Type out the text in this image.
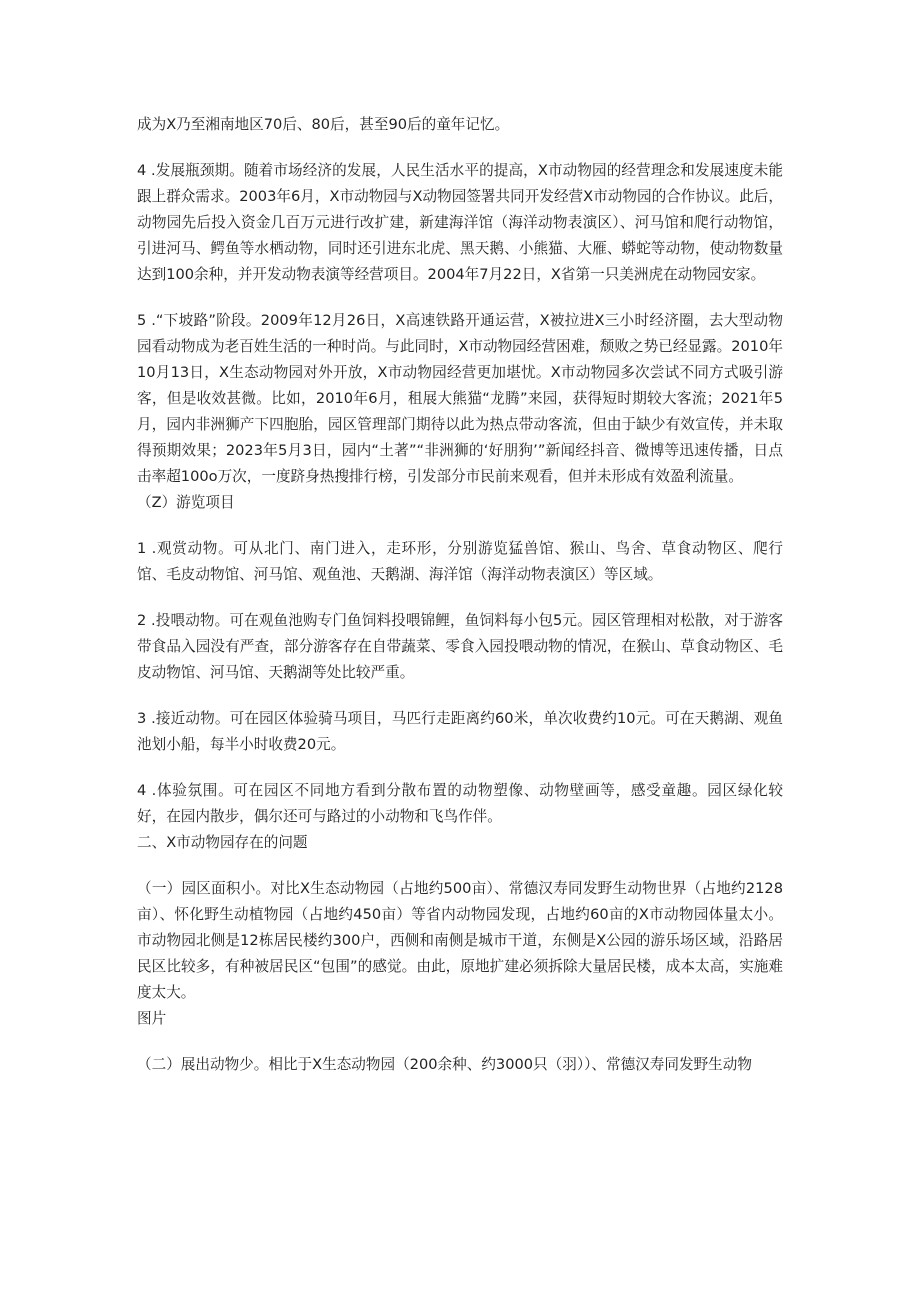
成为X乃至湘南地区70后、80后，甚至90后的童年记忆。

4 .发展瓶颈期。随着市场经济的发展，人民生活水平的提高，X市动物园的经营理念和发展速度未能跟上群众需求。2003年6月，X市动物园与X动物园签署共同开发经营X市动物园的合作协议。此后，动物园先后投入资金几百万元进行改扩建，新建海洋馆（海洋动物表演区）、河马馆和爬行动物馆，引进河马、鳄鱼等水栖动物，同时还引进东北虎、黑天鹅、小熊猫、大雁、蟒蛇等动物，使动物数量达到100余种，并开发动物表演等经营项目。2004年7月22日，X省第一只美洲虎在动物园安家。

5 .“下坡路”阶段。2009年12月26日，X高速铁路开通运营，X被拉进X三小时经济圈，去大型动物园看动物成为老百姓生活的一种时尚。与此同时，X市动物园经营困难，颓败之势已经显露。2010年10月13日，X生态动物园对外开放，X市动物园经营更加堪忧。X市动物园多次尝试不同方式吸引游客，但是收效甚微。比如，2010年6月，租展大熊猫“龙腾”来园，获得短时期较大客流；2021年5月，园内非洲狮产下四胞胎，园区管理部门期待以此为热点带动客流，但由于缺少有效宣传，并未取得预期效果；2023年5月3日，园内“土著”“非洲狮的‘好朋狗’”新闻经抖音、微博等迅速传播，日点击率超100o万次，一度跻身热搜排行榜，引发部分市民前来观看，但并未形成有效盈利流量。

（Z）游览项目

1 .观赏动物。可从北门、南门进入，走环形，分别游览猛兽馆、猴山、鸟舍、草食动物区、爬行馆、毛皮动物馆、河马馆、观鱼池、天鹅湖、海洋馆（海洋动物表演区）等区域。

2 .投喂动物。可在观鱼池购专门鱼饲料投喂锦鲤，鱼饲料每小包5元。园区管理相对松散，对于游客带食品入园没有严查，部分游客存在自带蔬菜、零食入园投喂动物的情况，在猴山、草食动物区、毛皮动物馆、河马馆、天鹅湖等处比较严重。

3 .接近动物。可在园区体验骑马项目，马匹行走距离约60米，单次收费约10元。可在天鹅湖、观鱼池划小船，每半小时收费20元。

4 .体验氛围。可在园区不同地方看到分散布置的动物塑像、动物壁画等，感受童趣。园区绿化较好，在园内散步，偶尔还可与路过的小动物和飞鸟作伴。

二、X市动物园存在的问题

（一）园区面积小。对比X生态动物园（占地约500亩）、常德汉寿同发野生动物世界（占地约2128亩）、怀化野生动植物园（占地约450亩）等省内动物园发现，占地约60亩的X市动物园体量太小。市动物园北侧是12栋居民楼约300户，西侧和南侧是城市干道，东侧是X公园的游乐场区域，沿路居民区比较多，有种被居民区“包围”的感觉。由此，原地扩建必须拆除大量居民楼，成本太高，实施难度太大。

图片

（二）展出动物少。相比于X生态动物园（200余种、约3000只（羽））、常德汉寿同发野生动物
